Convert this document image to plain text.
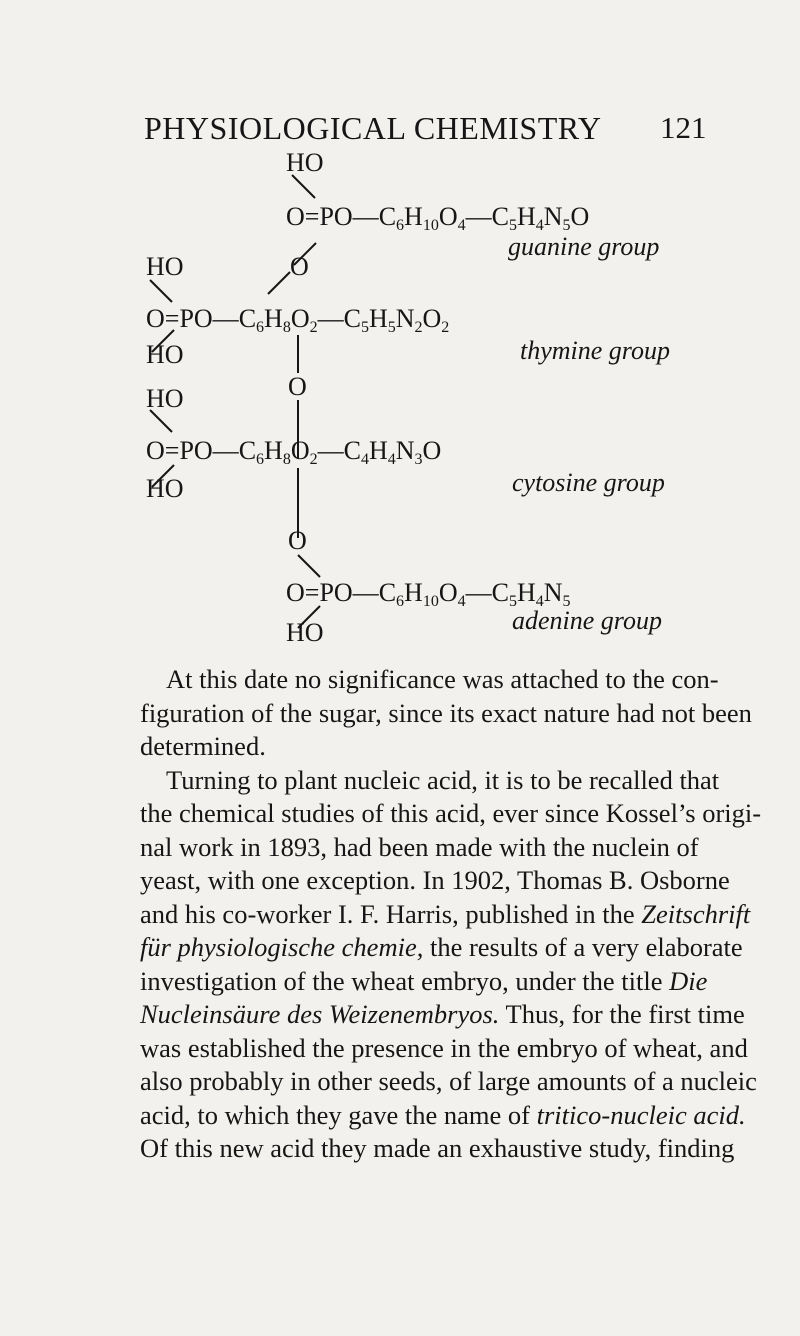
PHYSIOLOGICAL CHEMISTRY 121
HO
$O=PO—C_6H_{10}O_4—C_5H_4N_5O$
guanine group
HO	O
$O=PO—C_6H_8O_2—C_5H_5N_2O_2$
HO	thymine group
O
HO
$O=PO—C_6H_8O_2—C_4H_4N_3O$
HO	cytosine group
O
$O=PO—C_6H_{10}O_4—C_5H_4N_5$
adenine group
HO
At this date no significance was attached to the con-
figuration of the sugar, since its exact nature had not been
determined.
Turning to plant nucleic acid, it is to be recalled that
the chemical studies of this acid, ever since Kossel’s origi-
nal work in 1893, had been made with the nuclein of
yeast, with one exception. In 1902, Thomas B. Osborne
and his co-worker I. F. Harris, published in the Zeitschrift
für physiologische chemie, the results of a very elaborate
investigation of the wheat embryo, under the title Die
Nucleinsäure des Weizenembryos. Thus, for the first time
was established the presence in the embryo of wheat, and
also probably in other seeds, of large amounts of a nucleic
acid, to which they gave the name of tritico-nucleic acid.
Of this new acid they made an exhaustive study, finding
